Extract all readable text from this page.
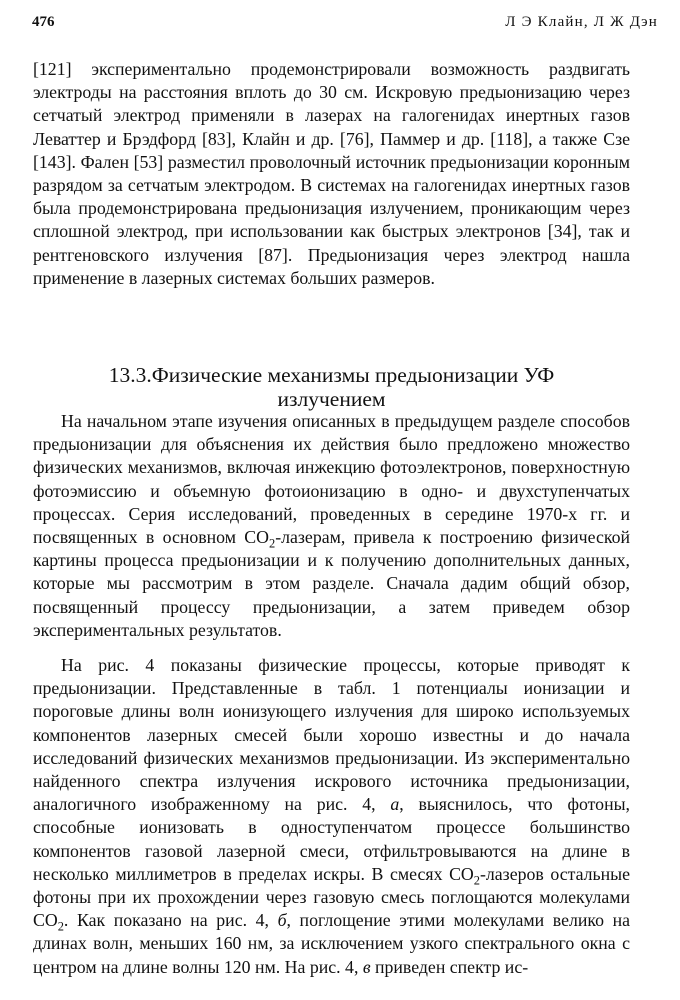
476	Л Э Клайн, Л Ж Дэн
[121] экспериментально продемонстрировали возможность раздвигать электроды на расстояния вплоть до 30 см. Искровую предыонизацию через сетчатый электрод применяли в лазерах на галогенидах инертных газов Леваттер и Брэдфорд [83], Клайн и др. [76], Паммер и др. [118], а также Сзе [143]. Фален [53] разместил проволочный источник предыонизации коронным разрядом за сетчатым электродом. В системах на галогенидах инертных газов была продемонстрирована предыонизация излучением, проникающим через сплошной электрод, при использовании как быстрых электронов [34], так и рентгеновского излучения [87]. Предыонизация через электрод нашла применение в лазерных системах больших размеров.
13.3.Физические механизмы предыонизации УФ
излучением
На начальном этапе изучения описанных в предыдущем разделе способов предыонизации для объяснения их действия было предложено множество физических механизмов, включая инжекцию фотоэлектронов, поверхностную фотоэмиссию и объемную фотоионизацию в одно- и двухступенчатых процессах. Серия исследований, проведенных в середине 1970-х гг. и посвященных в основном $CO_2$-лазерам, привела к построению физической картины процесса предыонизации и к получению дополнительных данных, которые мы рассмотрим в этом разделе. Сначала дадим общий обзор, посвященный процессу предыонизации, а затем приведем обзор экспериментальных результатов.
На рис. 4 показаны физические процессы, которые приводят к предыонизации. Представленные в табл. 1 потенциалы ионизации и пороговые длины волн ионизующего излучения для широко используемых компонентов лазерных смесей были хорошо известны и до начала исследований физических механизмов предыонизации. Из экспериментально найденного спектра излучения искрового источника предыонизации, аналогичного изображенному на рис. 4, а, выяснилось, что фотоны, способные ионизовать в одноступенчатом процессе большинство компонентов газовой лазерной смеси, отфильтровываются на длине в несколько миллиметров в пределах искры. В смесях $CO_2$-лазеров остальные фотоны при их прохождении через газовую смесь поглощаются молекулами $CO_2$. Как показано на рис. 4, б, поглощение этими молекулами велико на длинах волн, меньших 160 нм, за исключением узкого спектрального окна с центром на длине волны 120 нм. На рис. 4, в приведен спектр ис-
